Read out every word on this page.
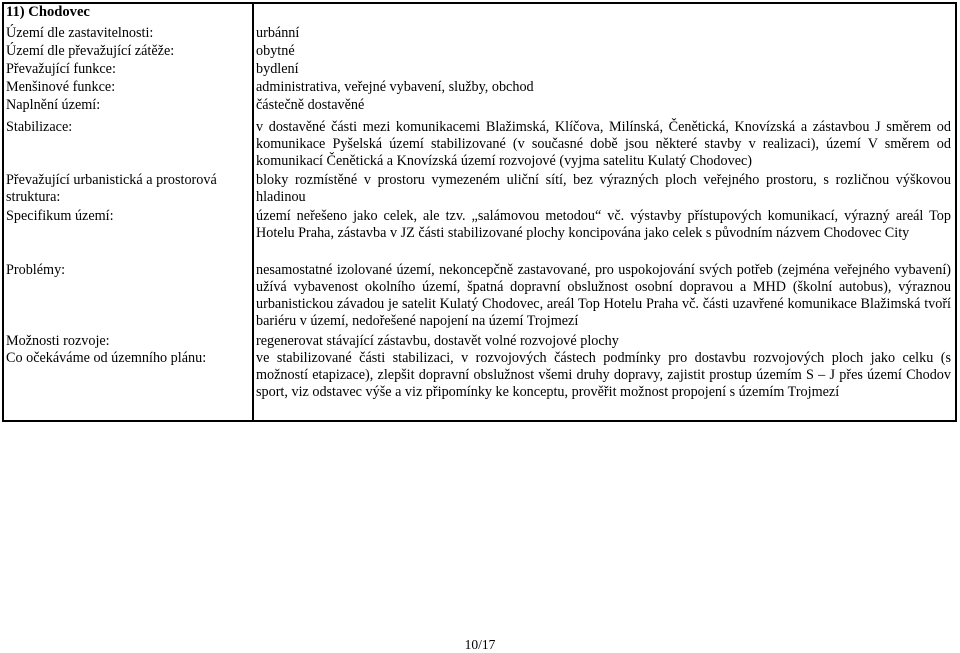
11) Chodovec
Území dle zastavitelnosti:	urbánní
Území dle převažující zátěže:	obytné
Převažující funkce:	bydlení
Menšinové funkce:	administrativa, veřejné vybavení, služby, obchod
Naplnění území:	částečně dostavěné
Stabilizace:	v dostavěné části mezi komunikacemi Blažimská, Klíčova, Milínská, Čenětická, Knovízská a zástavbou J směrem od komunikace Pyšelská území stabilizované (v současné době jsou některé stavby v realizaci), území V směrem od komunikací Čenětická a Knovízská území rozvojové (vyjma satelitu Kulatý Chodovec)
Převažující urbanistická a prostorová struktura:
bloky rozmístěné v prostoru vymezeném uliční sítí, bez výrazných ploch veřejného prostoru, s rozličnou výškovou hladinou
Specifikum území:	území neřešeno jako celek, ale tzv. „salámovou metodou“ vč. výstavby přístupových komunikací, výrazný areál Top Hotelu Praha, zástavba v JZ části stabilizované plochy koncipována jako celek s původním názvem Chodovec City
Problémy:	nesamostatné izolované území, nekoncepčně zastavované, pro uspokojování svých potřeb (zejména veřejného vybavení) užívá vybavenost okolního území, špatná dopravní obslužnost osobní dopravou a MHD (školní autobus), výraznou urbanistickou závadou je satelit Kulatý Chodovec, areál Top Hotelu Praha vč. části uzavřené komunikace Blažimská tvoří bariéru v území, nedořešené napojení na území Trojmezí
Možnosti rozvoje:	regenerovat stávající zástavbu, dostavět volné rozvojové plochy
Co očekáváme od územního plánu:	ve stabilizované části stabilizaci, v rozvojových částech podmínky pro dostavbu rozvojových ploch jako celku (s možností etapizace), zlepšit dopravní obslužnost všemi druhy dopravy, zajistit prostup územím S – J přes území Chodov sport, viz odstavec výše a viz připomínky ke konceptu, prověřit možnost propojení s územím Trojmezí
10/17
